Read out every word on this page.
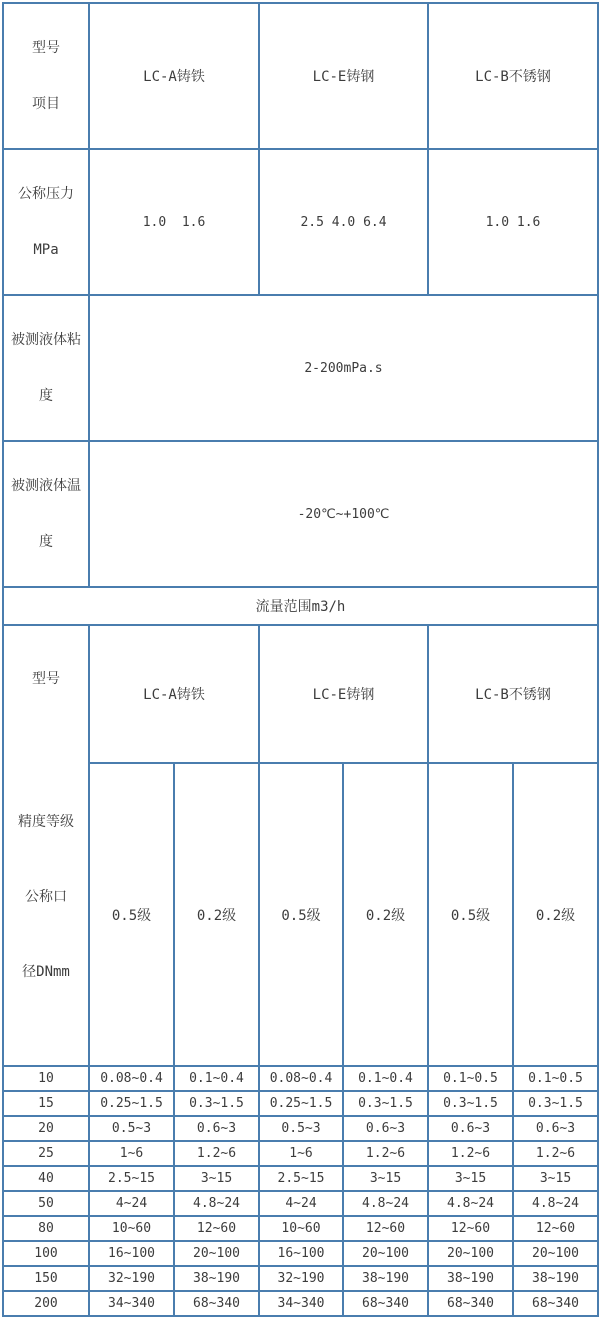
型号

项目	LC-A铸铁		LC-E铸钢		LC-B不锈钢	

公称压力

MPa	1.0  1.6		2.5 4.0 6.4		1.0 1.6	

被测液体粘

度	2-200mPa.s					

被测液体温

度	-20℃~+100℃					
流量范围m3/h						

型号

精度等级

公称口

径DNmm	LC-A铸铁		LC-E铸钢		LC-B不锈钢	
	0.5级	0.2级	0.5级	0.2级	0.5级	0.2级
10	0.08~0.4	0.1~0.4	0.08~0.4	0.1~0.4	0.1~0.5	0.1~0.5
15	0.25~1.5	0.3~1.5	0.25~1.5	0.3~1.5	0.3~1.5	0.3~1.5
20	0.5~3	0.6~3	0.5~3	0.6~3	0.6~3	0.6~3
25	1~6	1.2~6	1~6	1.2~6	1.2~6	1.2~6
40	2.5~15	3~15	2.5~15	3~15	3~15	3~15
50	4~24	4.8~24	4~24	4.8~24	4.8~24	4.8~24
80	10~60	12~60	10~60	12~60	12~60	12~60
100	16~100	20~100	16~100	20~100	20~100	20~100
150	32~190	38~190	32~190	38~190	38~190	38~190
200	34~340	68~340	34~340	68~340	68~340	68~340
